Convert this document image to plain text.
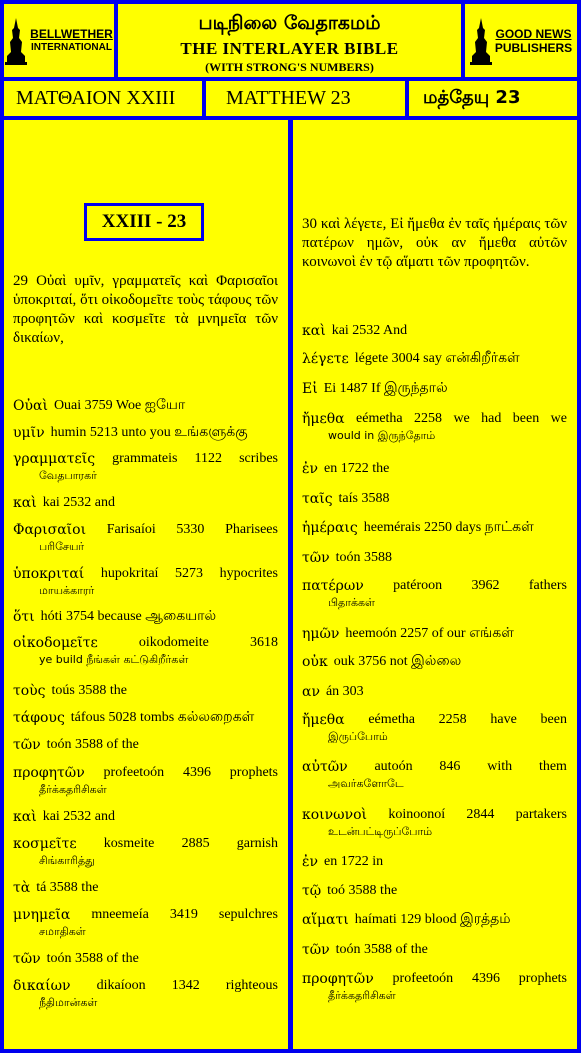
BELLWETHER
INTERNATIONAL
படிநிலை வேதாகமம்
THE INTERLAYER BIBLE
(WITH STRONG'S NUMBERS)
GOOD NEWS
PUBLISHERS
ΜΑΤΘΑΙΟΝ XXIII	MATTHEW 23	மத்தேயு 23
XXIII - 23
29 Οὐαὶ υμῖν, γραμματεῖς καὶ Φαρισαῖοι ὑποκριταί, ὅτι οἰκοδομεῖτε τοὺς τάφους τῶν προφητῶν καὶ κοσμεῖτε τὰ μνημεῖα τῶν δικαίων,
30 καὶ λέγετε, Εἰ ἤμεθα ἐν ταῖς ἡμέραις τῶν πατέρων ημῶν, οὐκ αν ἤμεθα αὐτῶν κοινωνοὶ ἐν τῷ αἵματι τῶν προφητῶν.
Οὐαὶ Ouai 3759 Woe ஐயோ
υμῖν humin 5213 unto you உங்களுக்கு
γραμματεῖς grammateis 1122 scribes
வேதபாரகர்
καὶ kai 2532 and
Φαρισαῖοι Farisaíoi 5330 Pharisees
பரிசேயர்
ὑποκριταί hupokritaí 5273 hypocrites
மாயக்காரர்
ὅτι hóti 3754 because ஆகையால்
οἰκοδομεῖτε	oikodomeite	3618
ye build நீங்கள் கட்டுகிறீர்கள்
τοὺς toús 3588 the
τάφους táfous 5028 tombs கல்லறைகள்
τῶν toón 3588 of the
προφητῶν profeetoón 4396 prophets
தீர்க்கதரிசிகள்
καὶ kai 2532 and
κοσμεῖτε kosmeite 2885 garnish
சிங்காரித்து
τὰ tá 3588 the
μνημεῖα mneemeía 3419 sepulchres
சமாதிகள்
τῶν toón 3588 of the
δικαίων dikaíoon 1342 righteous
நீதிமான்கள்
καὶ kai 2532 And
λέγετε légete 3004 say என்கிறீர்கள்
Εἰ Ei 1487 If இருந்தால்
ἤμεθα eémetha 2258 we had been we
would in இருந்தோம்
ἐν en 1722 the
ταῖς taís 3588
ἡμέραις heemérais 2250 days நாட்கள்
τῶν toón 3588
πατέρων patéroon 3962 fathers
பிதாக்கள்
ημῶν heemoón 2257 of our எங்கள்
οὐκ ouk 3756 not இல்லை
αν án 303
ἤμεθα eémetha 2258 have been
இருப்போம்
αὐτῶν autoón 846 with them
அவர்களோடே
κοινωνοὶ koinoonoí 2844 partakers
உடன்பட்டிருப்போம்
ἐν en 1722 in
τῷ toó 3588 the
αἵματι haímati 129 blood இரத்தம்
τῶν toón 3588 of the
προφητῶν profeetoón 4396 prophets
தீர்க்கதரிசிகள்
